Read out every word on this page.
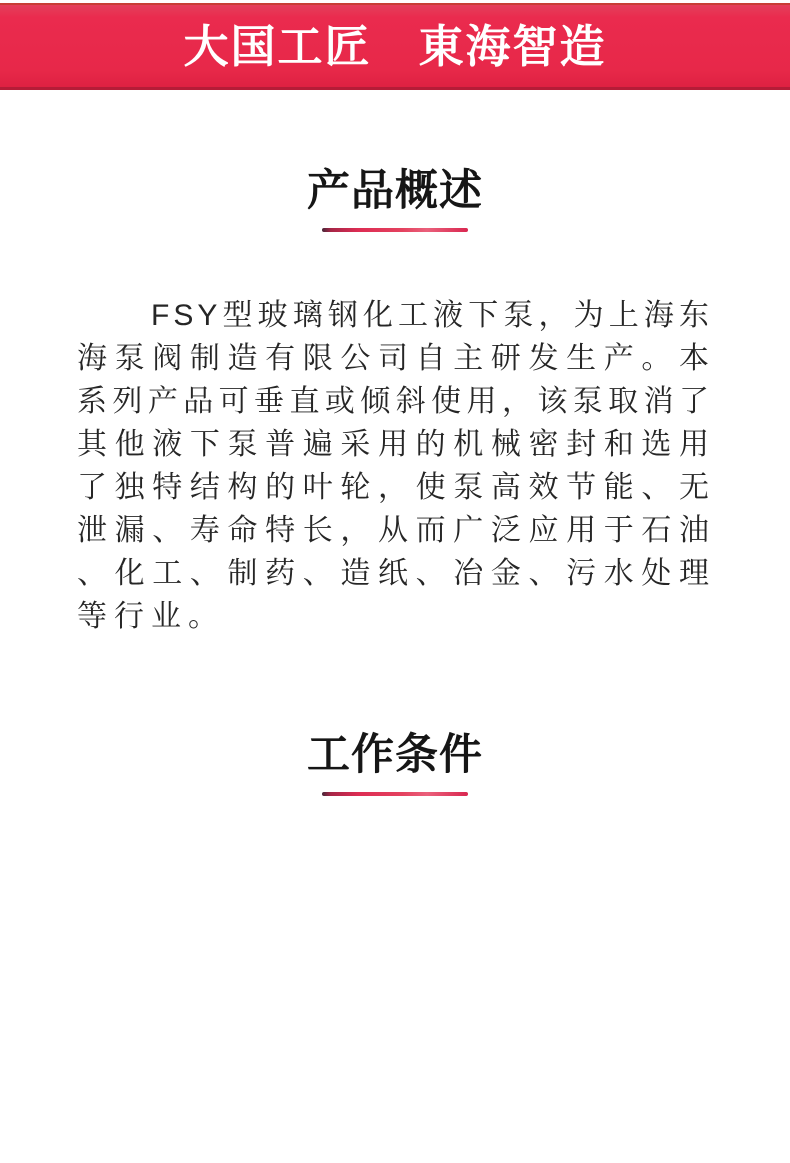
大国工匠　東海智造
产品概述
FSY型玻璃钢化工液下泵，为上海东
海泵阀制造有限公司自主研发生产。本
系列产品可垂直或倾斜使用，该泵取消了
其他液下泵普遍采用的机械密封和选用
了独特结构的叶轮，使泵高效节能、无
泄漏、寿命特长，从而广泛应用于石油
、化工、制药、造纸、冶金、污水处理
等行业。
工作条件
